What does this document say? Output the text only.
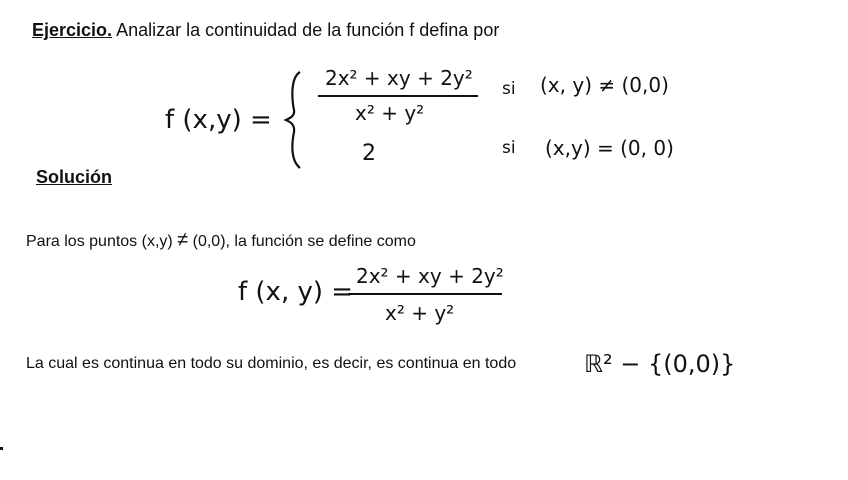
Ejercicio. Analizar la continuidad de la función f defina por
f (x,y) =
2x² + xy + 2y²
x² + y²
si (x, y) ≠ (0,0)
2	si (x,y) = (0, 0)
Solución
Para los puntos (x,y) ≠ (0,0), la función se define como
f (x, y) =
2x² + xy + 2y²
x² + y²
La cual es continua en todo su dominio, es decir, es continua en todo	ℝ² − {(0,0)}
